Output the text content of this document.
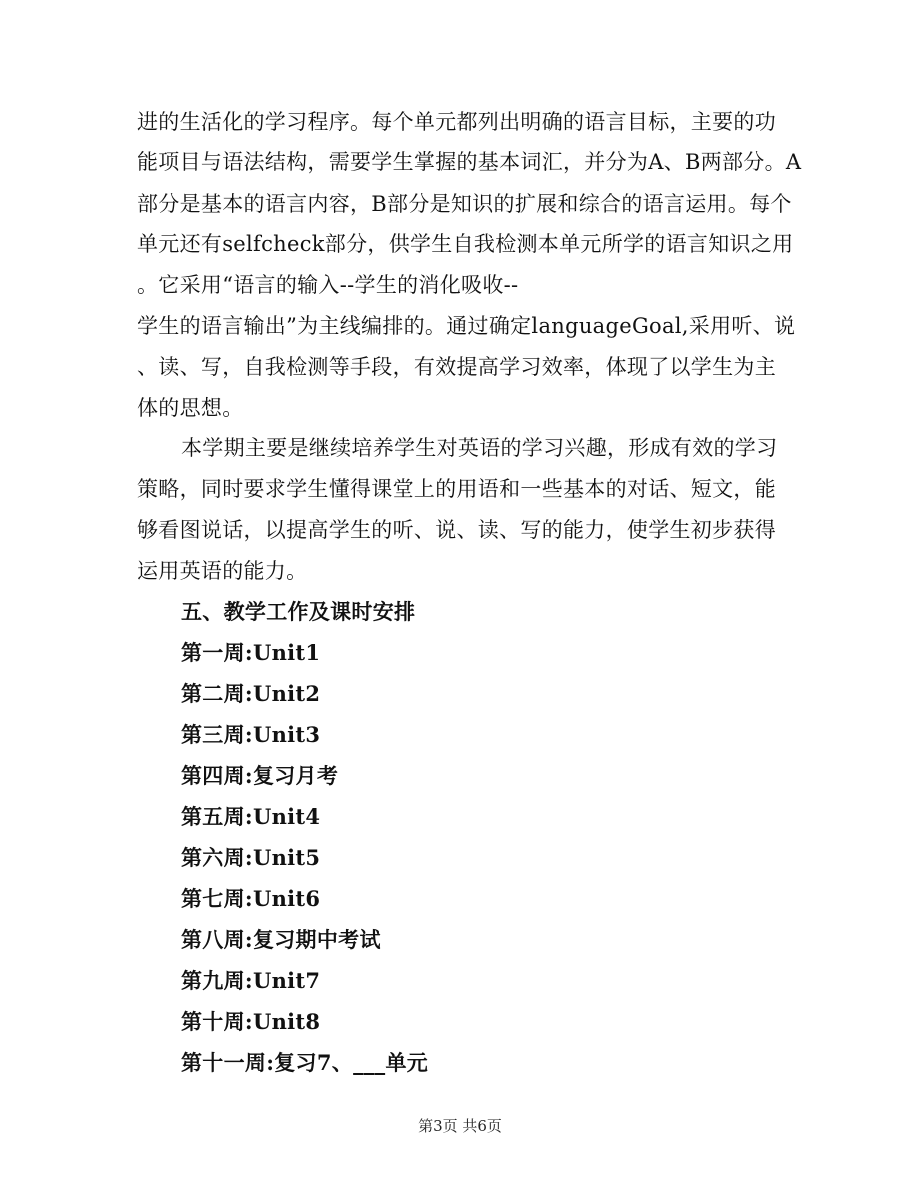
进的生活化的学习程序。每个单元都列出明确的语言目标，主要的功
能项目与语法结构，需要学生掌握的基本词汇，并分为A、B两部分。A
部分是基本的语言内容，B部分是知识的扩展和综合的语言运用。每个
单元还有selfcheck部分，供学生自我检测本单元所学的语言知识之用
。它采用“语言的输入--学生的消化吸收--
学生的语言输出”为主线编排的。通过确定languageGoal,采用听、说
、读、写，自我检测等手段，有效提高学习效率，体现了以学生为主
体的思想。
本学期主要是继续培养学生对英语的学习兴趣，形成有效的学习
策略，同时要求学生懂得课堂上的用语和一些基本的对话、短文，能
够看图说话，以提高学生的听、说、读、写的能力，使学生初步获得
运用英语的能力。
五、教学工作及课时安排
第一周:Unit1
第二周:Unit2
第三周:Unit3
第四周:复习月考
第五周:Unit4
第六周:Unit5
第七周:Unit6
第八周:复习期中考试
第九周:Unit7
第十周:Unit8
第十一周:复习7、___单元
第3页 共6页
